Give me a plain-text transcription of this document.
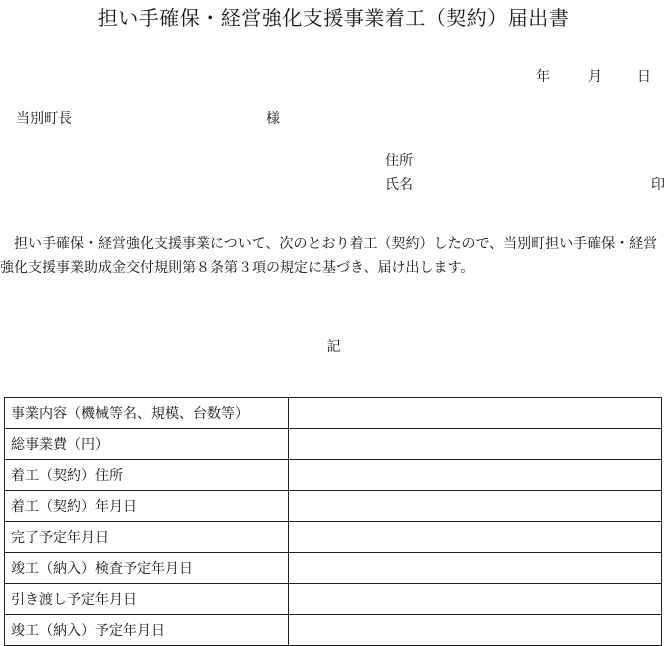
担い手確保・経営強化支援事業着工（契約）届出書
年	月	日
当別町長	様
住所
氏名	印
担い手確保・経営強化支援事業について、次のとおり着工（契約）したので、当別町担い手確保・経営強化支援事業助成金交付規則第８条第３項の規定に基づき、届け出します。
記
事業内容（機械等名、規模、台数等）	
総事業費（円）	
着工（契約）住所	
着工（契約）年月日	
完了予定年月日	
竣工（納入）検査予定年月日	
引き渡し予定年月日	
竣工（納入）予定年月日	
